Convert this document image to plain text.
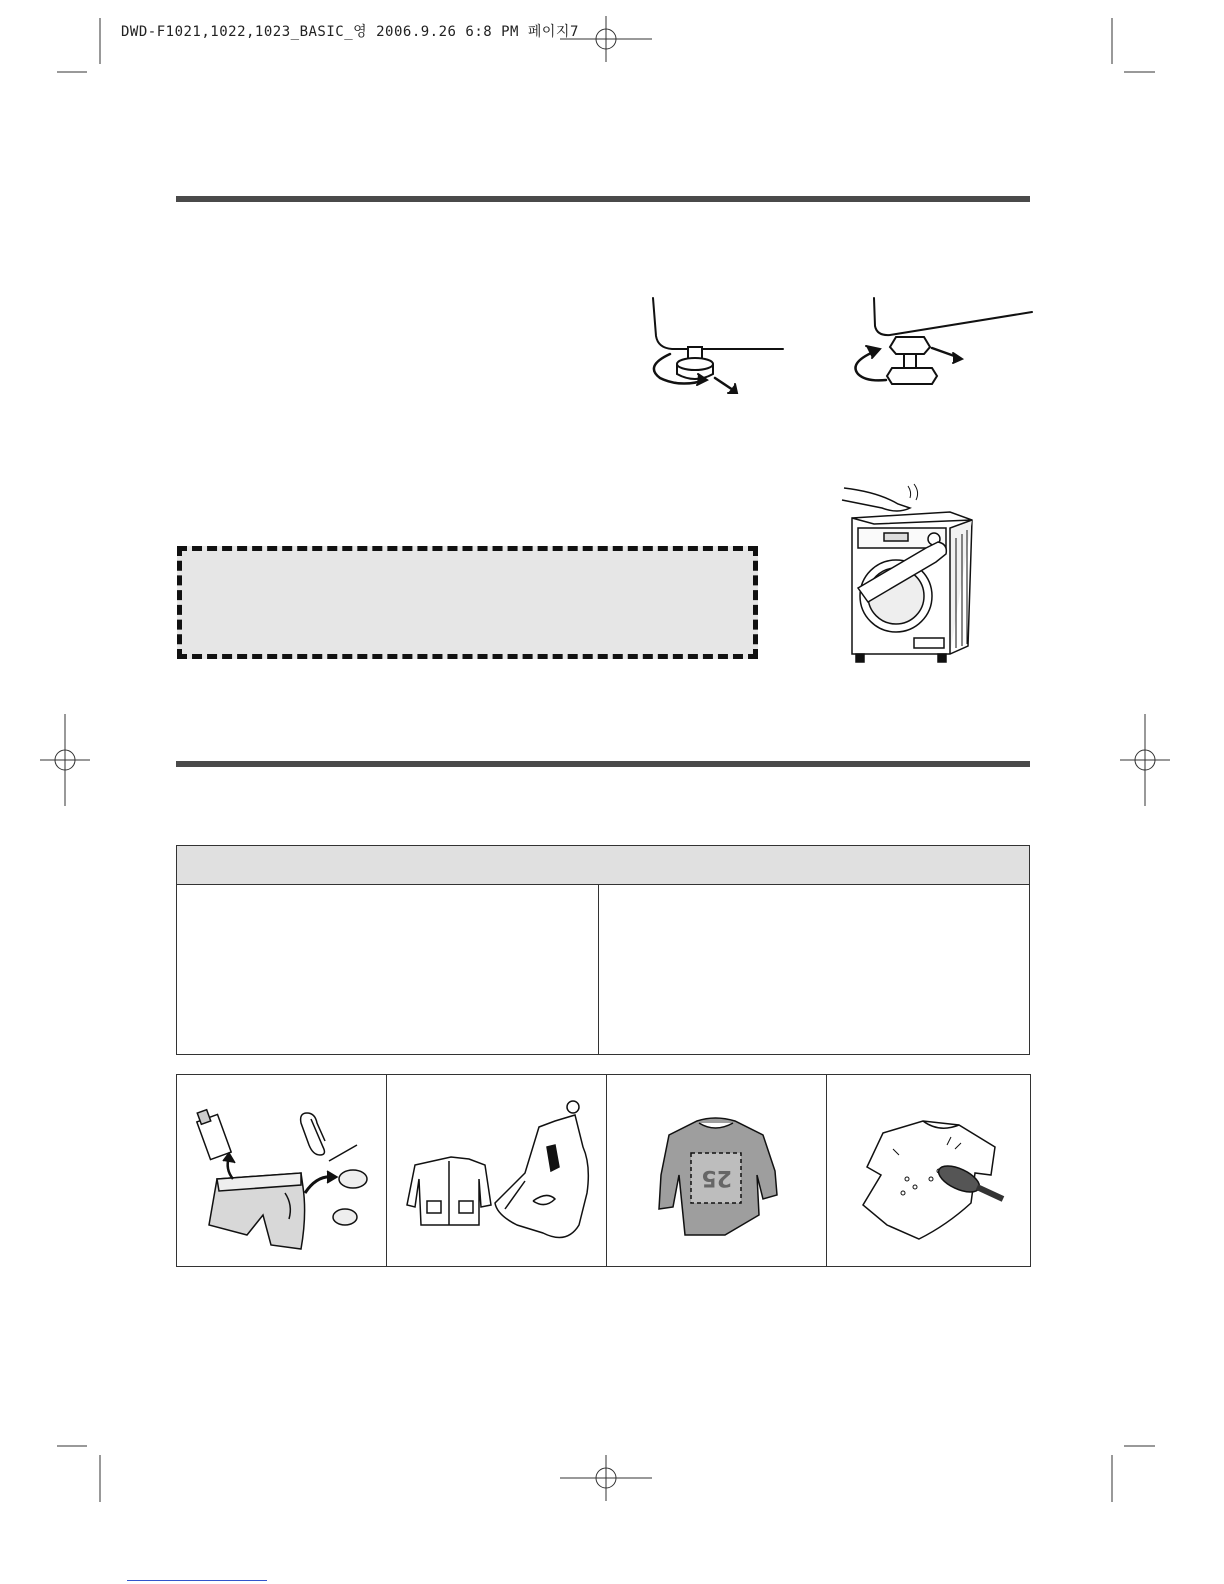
DWD-F1021,1022,1023_BASIC_영 2006.9.26 6:8 PM 페이지7
25
